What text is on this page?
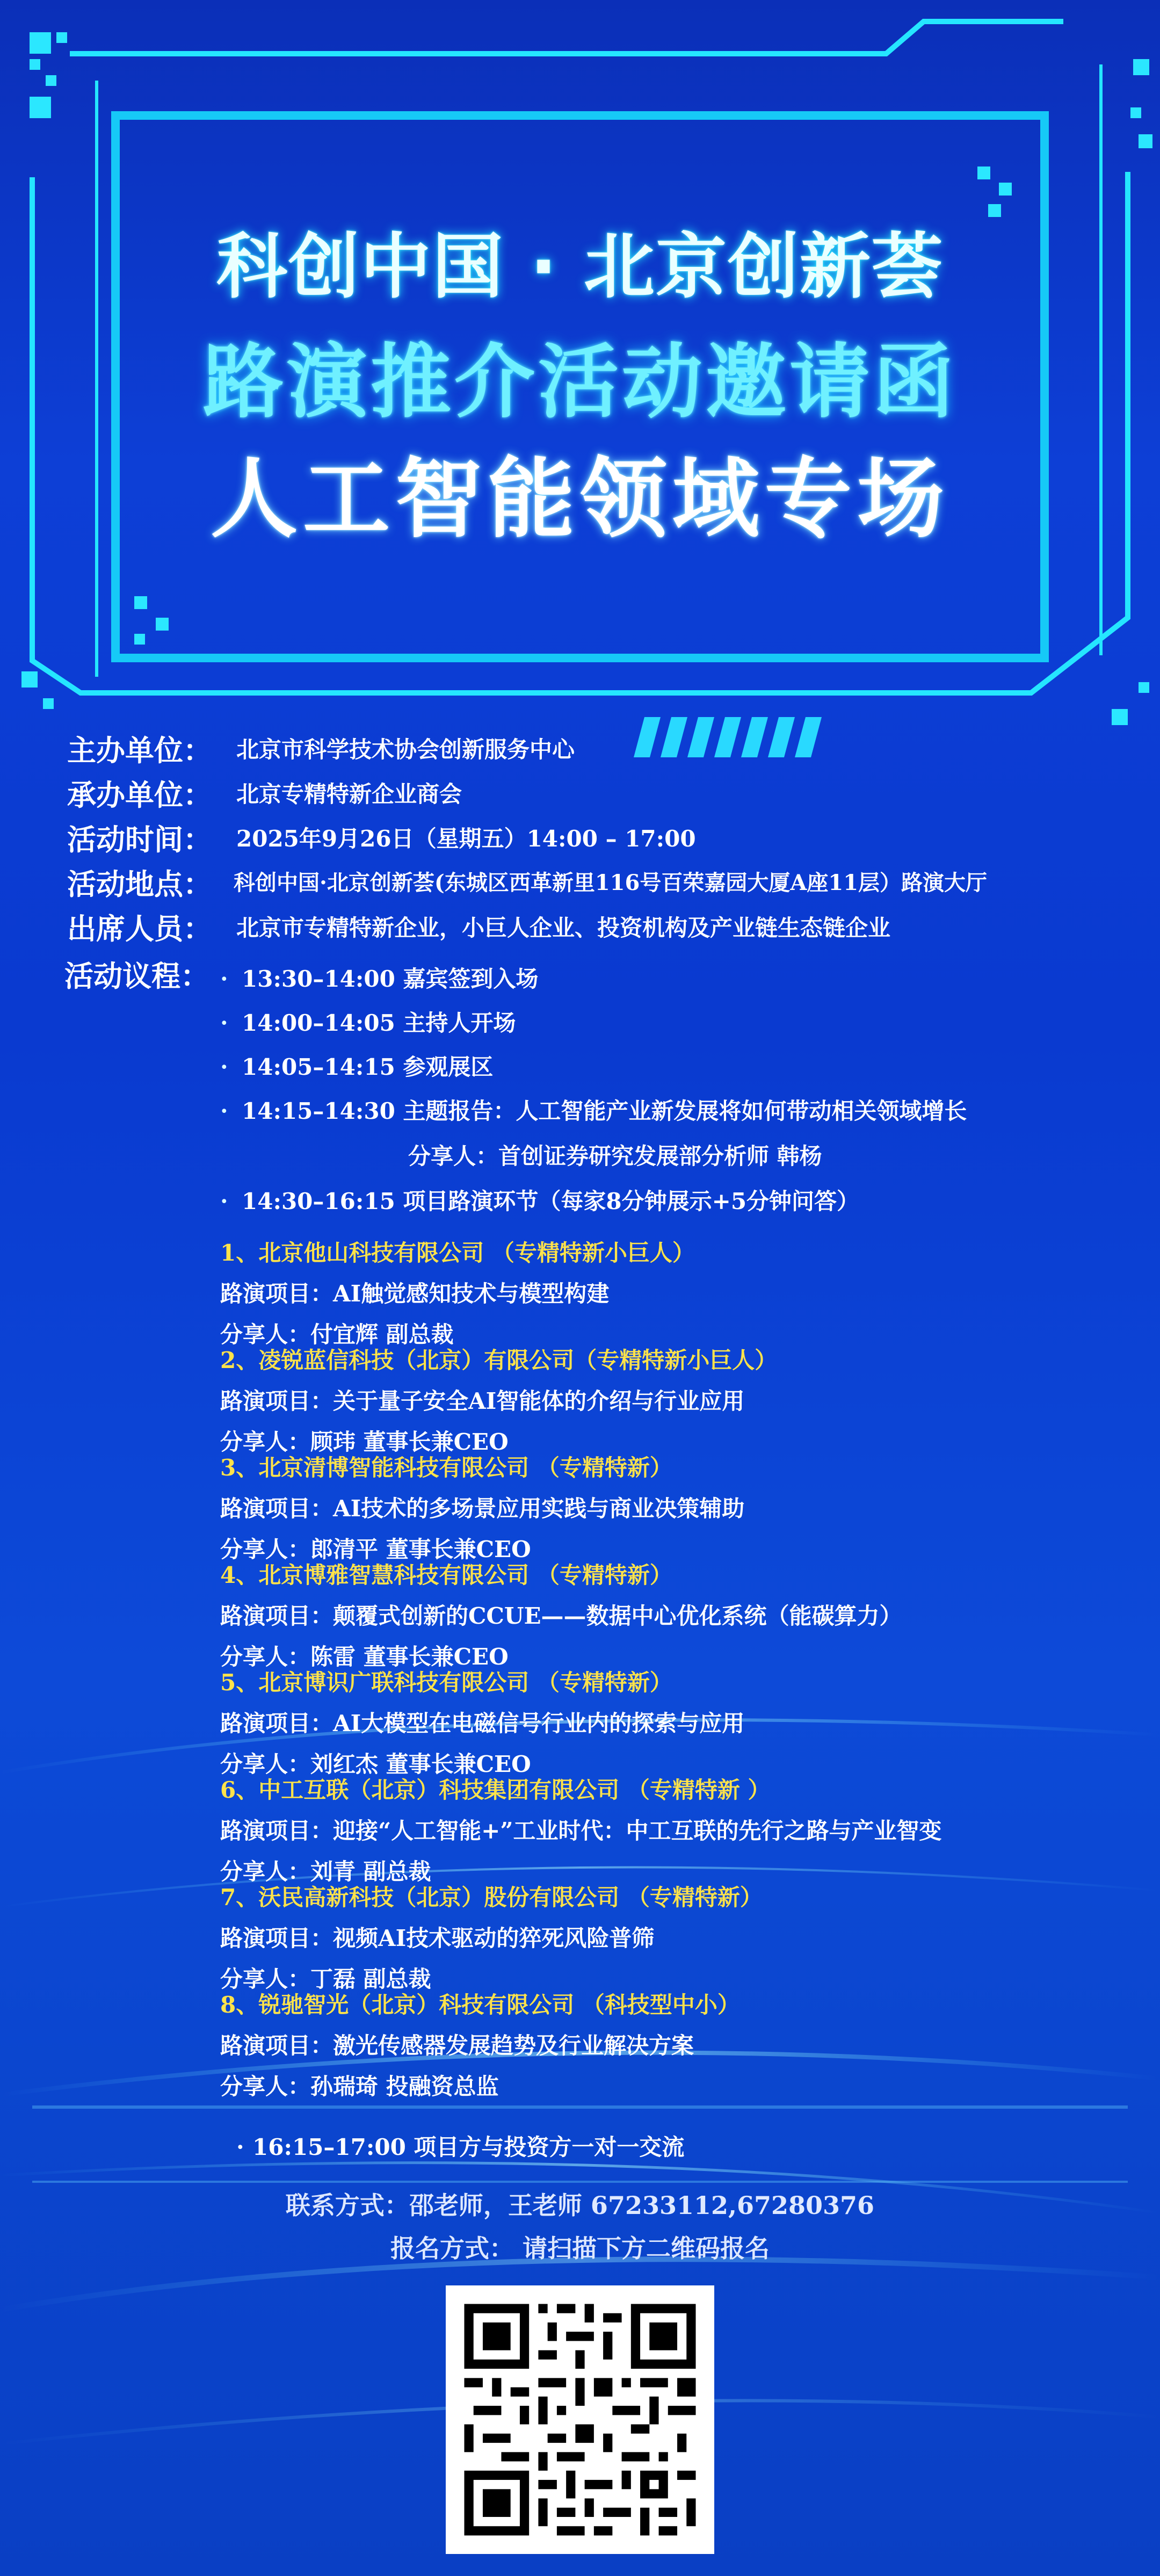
科创中国 · 北京创新荟
路演推介活动邀请函
人工智能领域专场
主办单位： 北京市科学技术协会创新服务中心
承办单位： 北京专精特新企业商会
活动时间： 2025年9月26日（星期五）14:00 – 17:00
活动地点： 科创中国·北京创新荟(东城区西革新里116号百荣嘉园大厦A座11层）路演大厅
出席人员： 北京市专精特新企业，小巨人企业、投资机构及产业链生态链企业
活动议程： · 13:30–14:00 嘉宾签到入场
· 14:00–14:05 主持人开场
· 14:05–14:15 参观展区
· 14:15–14:30 主题报告：人工智能产业新发展将如何带动相关领域增长
分享人：首创证券研究发展部分析师 韩杨
· 14:30–16:15 项目路演环节（每家8分钟展示+5分钟问答）
1、北京他山科技有限公司 （专精特新小巨人）
路演项目：AI触觉感知技术与模型构建
分享人：付宜辉 副总裁
2、凌锐蓝信科技（北京）有限公司（专精特新小巨人）
路演项目：关于量子安全AI智能体的介绍与行业应用
分享人：顾玮 董事长兼CEO
3、北京清博智能科技有限公司 （专精特新）
路演项目：AI技术的多场景应用实践与商业决策辅助
分享人：郎清平 董事长兼CEO
4、北京博雅智慧科技有限公司 （专精特新）
路演项目：颠覆式创新的CCUE——数据中心优化系统（能碳算力）
分享人：陈雷 董事长兼CEO
5、北京博识广联科技有限公司 （专精特新）
路演项目：AI大模型在电磁信号行业内的探索与应用
分享人：刘红杰 董事长兼CEO
6、中工互联（北京）科技集团有限公司 （专精特新 ）
路演项目：迎接“人工智能+”工业时代：中工互联的先行之路与产业智变
分享人：刘青 副总裁
7、沃民高新科技（北京）股份有限公司 （专精特新）
路演项目：视频AI技术驱动的猝死风险普筛
分享人：丁磊 副总裁
8、锐驰智光（北京）科技有限公司 （科技型中小）
路演项目：激光传感器发展趋势及行业解决方案
分享人：孙瑞琦 投融资总监
· 16:15–17:00 项目方与投资方一对一交流
联系方式：邵老师，王老师 67233112,67280376
报名方式： 请扫描下方二维码报名
